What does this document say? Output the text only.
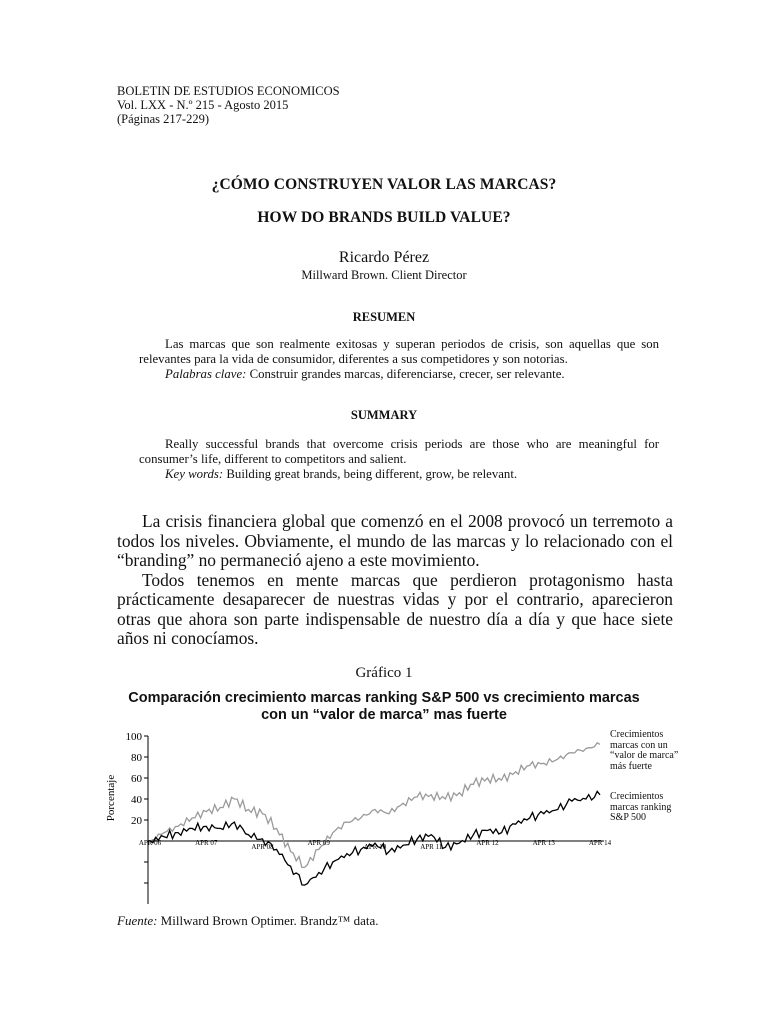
BOLETIN DE ESTUDIOS ECONOMICOS
Vol. LXX - N.º 215 - Agosto 2015
(Páginas 217-229)
¿CÓMO CONSTRUYEN VALOR LAS MARCAS?
HOW DO BRANDS BUILD VALUE?
Ricardo Pérez
Millward Brown. Client Director
RESUMEN
Las marcas que son realmente exitosas y superan periodos de crisis, son aquellas que son relevantes para la vida de consumidor, diferentes a sus competidores y son notorias.
Palabras clave: Construir grandes marcas, diferenciarse, crecer, ser relevante.
SUMMARY
Really successful brands that overcome crisis periods are those who are meaningful for consumer’s life, different to competitors and salient.
Key words: Building great brands, being different, grow, be relevant.

La crisis financiera global que comenzó en el 2008 provocó un terremoto a todos los niveles. Obviamente, el mundo de las marcas y lo relacionado con el “branding” no permaneció ajeno a este movimiento.

Todos tenemos en mente marcas que perdieron protagonismo hasta prácticamente desaparecer de nuestras vidas y por el contrario, aparecieron otras que ahora son parte indispensable de nuestro día a día y que hace siete años ni conocíamos.

Gráfico 1
Comparación crecimiento marcas ranking S&P 500 vs crecimiento marcas
con un “valor de marca” mas fuerte
100
80
60
40
20
Porcentaje
APR 06	APR 07	APR 08	APR 09	APR 10	APR 11	APR 12	APR 13	APR 14
Crecimientos marcas con un “valor de marca” más fuerte
Crecimientos marcas ranking S&P 500
Fuente: Millward Brown Optimer. Brandz™ data.
